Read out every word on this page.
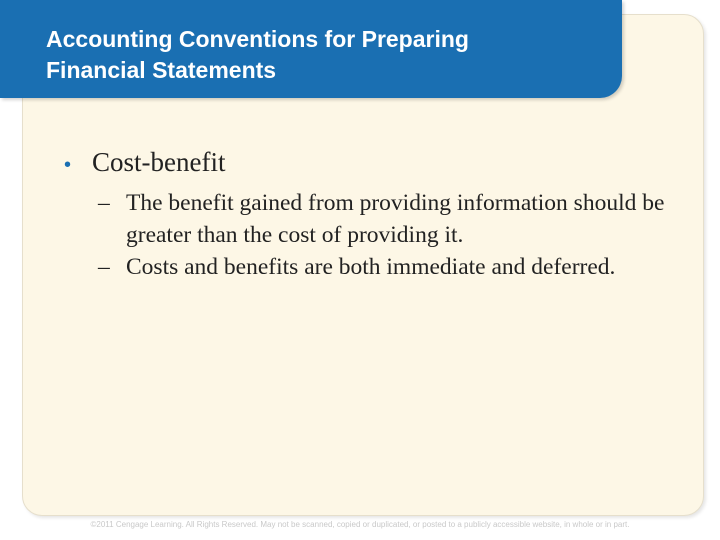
Accounting Conventions for Preparing
Financial Statements
• Cost-benefit
– The benefit gained from providing information should be greater than the cost of providing it.
– Costs and benefits are both immediate and deferred.
©2011 Cengage Learning. All Rights Reserved. May not be scanned, copied or duplicated, or posted to a publicly accessible website, in whole or in part.
